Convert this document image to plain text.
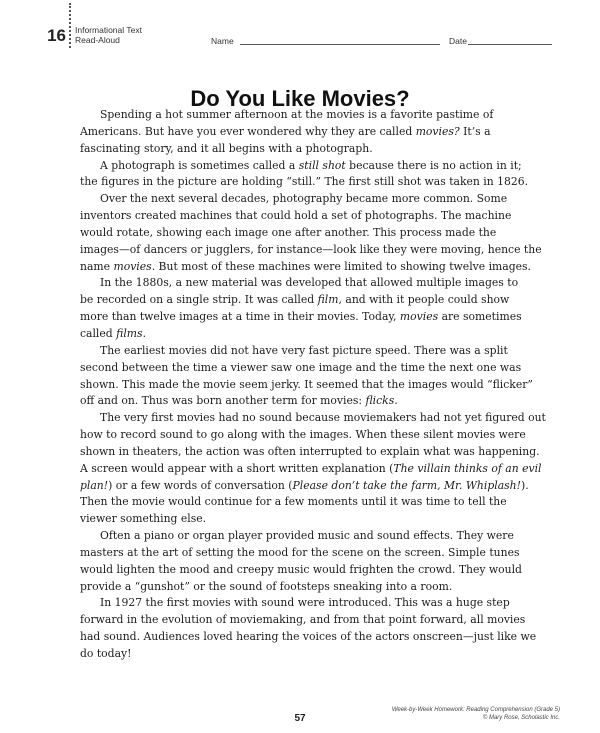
16 Informational Text
Read-Aloud	Name	Date
Do You Like Movies?
Spending a hot summer afternoon at the movies is a favorite pastime of
Americans. But have you ever wondered why they are called movies? It’s a
fascinating story, and it all begins with a photograph.
A photograph is sometimes called a still shot because there is no action in it;
the figures in the picture are holding “still.” The first still shot was taken in 1826.
Over the next several decades, photography became more common. Some
inventors created machines that could hold a set of photographs. The machine
would rotate, showing each image one after another. This process made the
images—of dancers or jugglers, for instance—look like they were moving, hence the
name movies. But most of these machines were limited to showing twelve images.
In the 1880s, a new material was developed that allowed multiple images to
be recorded on a single strip. It was called film, and with it people could show
more than twelve images at a time in their movies. Today, movies are sometimes
called films.
The earliest movies did not have very fast picture speed. There was a split
second between the time a viewer saw one image and the time the next one was
shown. This made the movie seem jerky. It seemed that the images would “flicker”
off and on. Thus was born another term for movies: flicks.
The very first movies had no sound because moviemakers had not yet figured out
how to record sound to go along with the images. When these silent movies were
shown in theaters, the action was often interrupted to explain what was happening.
A screen would appear with a short written explanation (The villain thinks of an evil
plan!) or a few words of conversation (Please don’t take the farm, Mr. Whiplash!).
Then the movie would continue for a few moments until it was time to tell the
viewer something else.
Often a piano or organ player provided music and sound effects. They were
masters at the art of setting the mood for the scene on the screen. Simple tunes
would lighten the mood and creepy music would frighten the crowd. They would
provide a “gunshot” or the sound of footsteps sneaking into a room.
In 1927 the first movies with sound were introduced. This was a huge step
forward in the evolution of moviemaking, and from that point forward, all movies
had sound. Audiences loved hearing the voices of the actors onscreen—just like we
do today!
Week-by-Week Homework: Reading Comprehension (Grade 5)
© Mary Rose, Scholastic Inc.
57
